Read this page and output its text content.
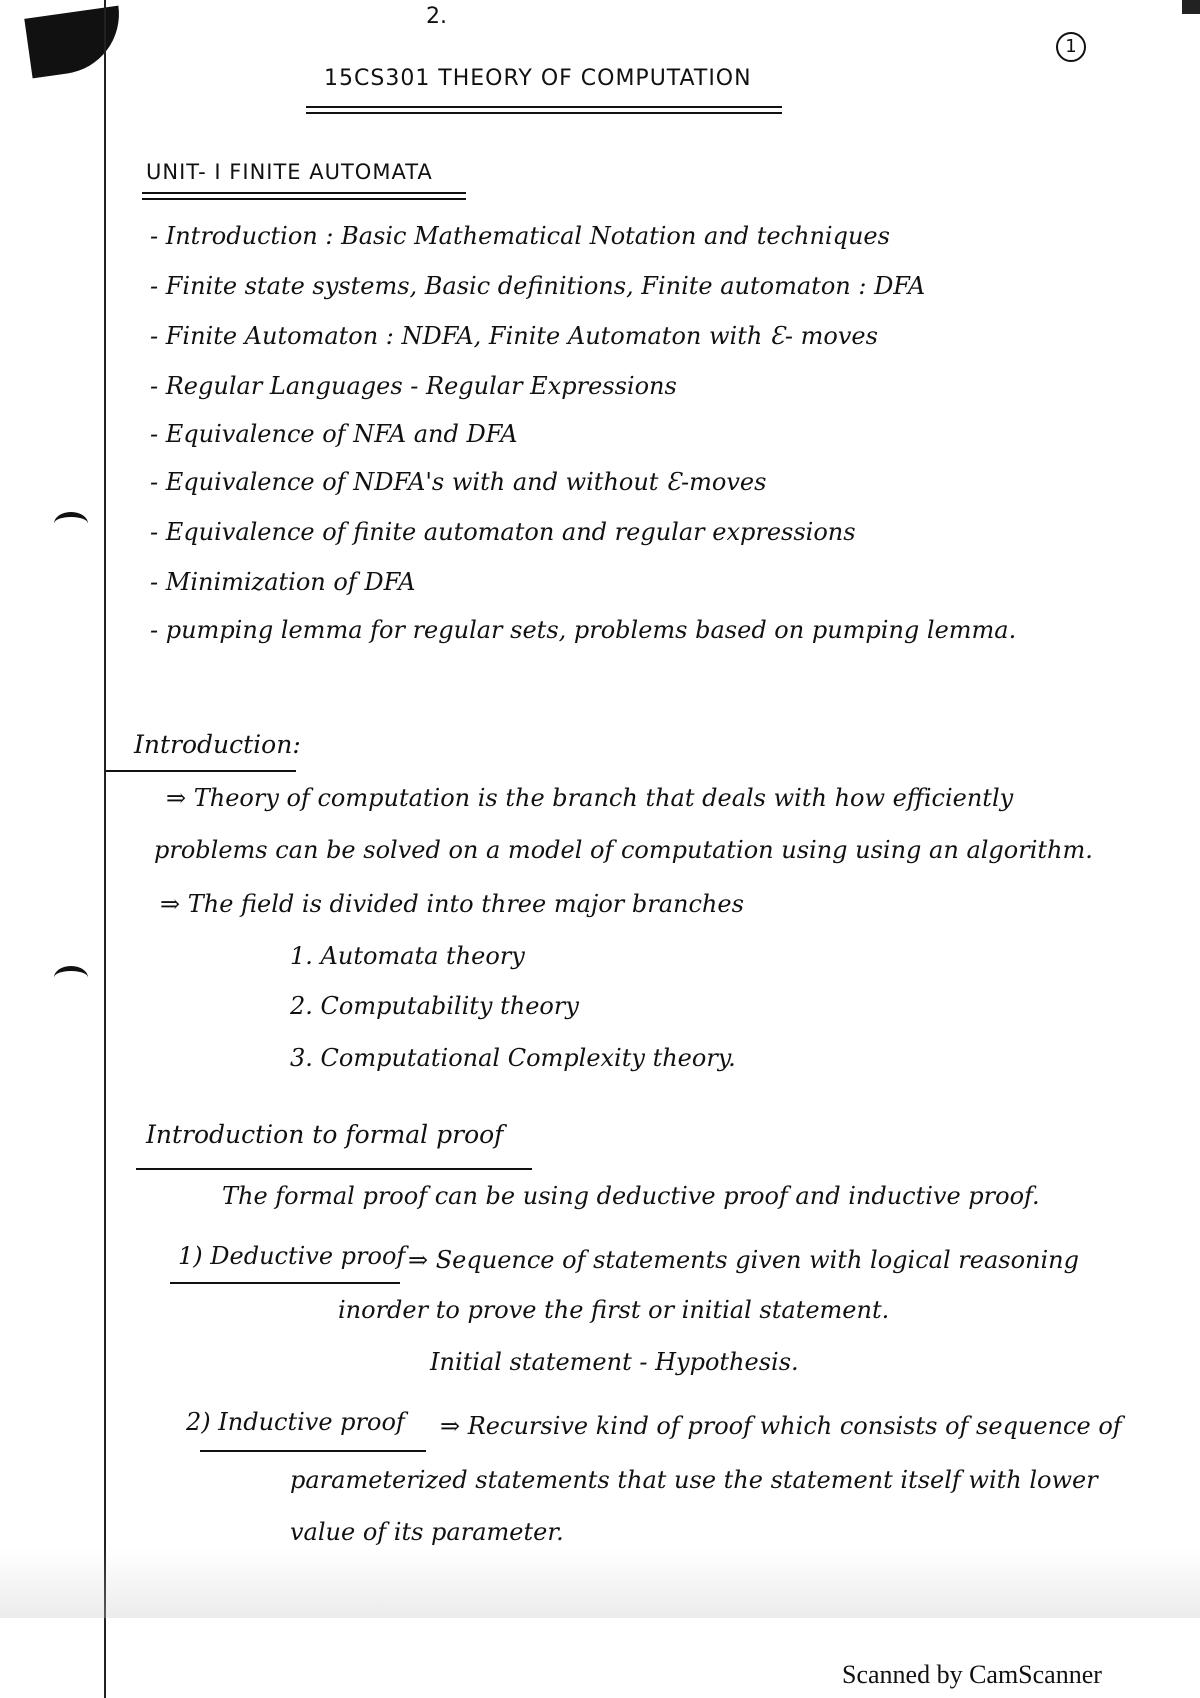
2.
1
15CS301 THEORY OF COMPUTATION
UNIT- I FINITE AUTOMATA
- Introduction : Basic Mathematical Notation and techniques
- Finite state systems, Basic definitions, Finite automaton : DFA
- Finite Automaton : NDFA, Finite Automaton with Ɛ- moves
- Regular Languages - Regular Expressions
- Equivalence of NFA and DFA
- Equivalence of NDFA's with and without Ɛ-moves
- Equivalence of finite automaton and regular expressions
- Minimization of DFA
- pumping lemma for regular sets, problems based on pumping lemma.
Introduction:
⇒ Theory of computation is the branch that deals with how efficiently
problems can be solved on a model of computation using using an algorithm.
⇒ The field is divided into three major branches
1. Automata theory
2. Computability theory
3. Computational Complexity theory.
Introduction to formal proof
The formal proof can be using deductive proof and inductive proof.
1) Deductive proof ⇒ Sequence of statements given with logical reasoning
inorder to prove the first or initial statement.
Initial statement - Hypothesis.
2) Inductive proof ⇒ Recursive kind of proof which consists of sequence of
parameterized statements that use the statement itself with lower
value of its parameter.
Scanned by CamScanner
